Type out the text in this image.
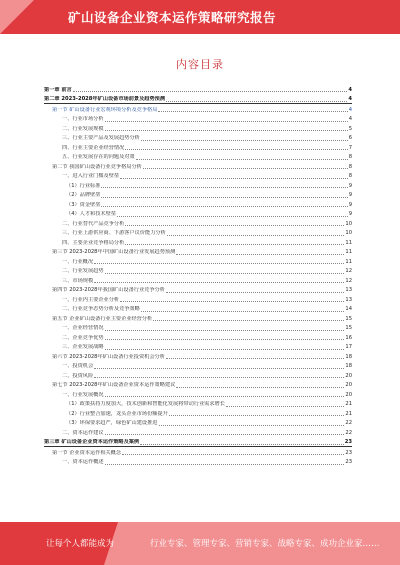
矿山设备企业资本运作策略研究报告
内容目录
第一章 前言	4
第二章 2023-2028年矿山设备市场前景及趋势预测	4
第一节 矿山设备行业宏观环境分析及竞争格局	4
一、行业市场分析	4
二、行业发展规模	5
三、行业主要产品及发展趋势分析	6
四、行业主要企业经营情况	7
五、行业发展存在的问题及对策	8
第二节 我国矿山设备行业竞争格局分析	8
一、进入行业门槛及壁垒	8
（1）行业标准	9
（2）品牌壁垒	9
（3）资金壁垒	9
（4）人才和技术壁垒	9
二、行业替代产品竞争分析	10
三、行业上游供应商、下游客户议价能力分析	10
四、主要企业竞争格局分析	11
第三节 2023-2028年中国矿山设备行业发展趋势预测	11
一、行业概况	11
二、行业发展趋势	12
三、市场规模	12
第四节 2023-2028年我国矿山设备行业竞争分析	13
一、行业内主要企业分析	13
二、行业竞争态势分析及竞争策略	14
第五节 企业矿山设备行业主要企业经营分析	15
一、企业经营情况	15
二、企业竞争优势	16
三、企业发展战略	17
第六节 2023-2028年矿山设备行业投资机会分析	18
一、投资机会	18
二、投资风险	20
第七节 2023-2028年矿山设备企业资本运作策略建议	20
一、行业发展概况	20
（1）政策扶持力度加大，技术创新和智能化发展将带动行业需求增长	21
（2）行业整合加速，龙头企业市场份额提升	21
（3）环保要求趋严，绿色矿山建设推进	22
二、资本运作建议	22
第三章 矿山设备企业资本运作策略及案例	23
第一节 企业资本运作相关概念	23
一、资本运作概述	23
让每个人都能成为	行业专家、管理专家、营销专家、战略专家、成功企业家……
